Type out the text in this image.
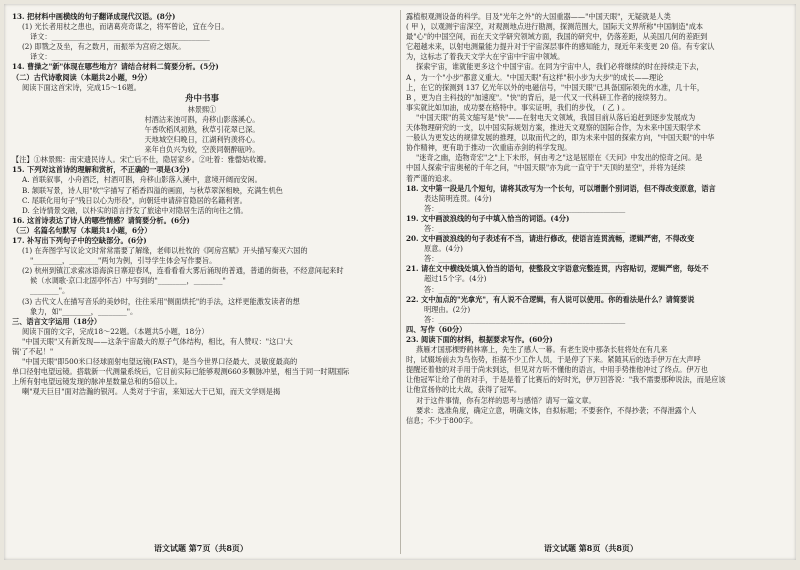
13. 把材料中画横线的句子翻译成现代汉语。(8分)

(1) 光长者用杖之患也，而诸葛亮奇谋之，将军曾论，宜在今日。

译文：____________________________________________

(2) 即戮之及坐，有之数月，而振举为宫府之烟灰。

译文：____________________________________________

14. 曹操之"新"体现在哪些地方？请结合材料二简要分析。(5分)

（二）古代诗歌阅读（本题共2小题，9分）

阅读下面这首宋诗，完成15～16题。

舟中书事

林景熙①

村酒沽来浊可斟，舟移山影落溪心。

午香吹稻风初熟，秋草引花翠已深。

天地城空归晚日，江湖利钓羡将心。

来年自负兴为较，空羡同朝醉瓯吟。

【注】①林景熙：南宋遗民诗人。宋亡后不仕，隐居家乡。②吐着：雅罄姑收瓣。

15. 下列对这首诗的理解和赏析，不正确的一项是(3分)

A. 首联叙事，小舟酒泛，村酒可斟，舟移山影落入溪中，意境开阔而安闲。

B. 颔联写景，诗人用"吹"字描写了稻香四溢的画面，与秋草翠深相映，充满生机色

C. 尾联化用句子"残日以心为形役"，向朝廷申请辞官隐居的名籍利害。

D. 全诗情景交融，以朴实的语言抒发了旅途中对隐居生活的向往之情。

16. 这首诗表达了诗人的哪些情感？请简要分析。(6分)

（三）名篇名句默写（本题共1小题，6分）

17. 补写出下列句子中的空缺部分。(6分)

(1) 在奔图学写议论文时常常需要了解缘，老师以杜牧的《阿房宫赋》开头描写秦灭六国的

"________，________"两句为例，引导学生体会写作要旨。

(2) 杭州到镇江求索冰语海滨日寨迎春风，连看看看大雾后涌现的普通，普通的街巷，不经意间起来时

候（水调歌·京口北固亭怀古）中写到的"________，________"

________"。

(3) 古代文人在描写音乐的美妙时，往往采用"侧面烘托"的手法，这样更能激发读者的想

象力，如"________，________"。

三、语言文字运用（18分）

阅读下面的文字，完成18～22题。（本题共5小题，18分）

"中国天眼"又有新发现——这条宇宙最大的原子气体结构，相比，有人赞叹："这口'大

锅'了不起！"

"中国天眼"即500米口径球面射电望远镜(FAST)，是当今世界口径最大、灵敏度最高的

单口径射电望远镜。搭载新一代测量系统后，它目前实际已能够观测660多颗脉冲星，相当于同一时期国际

上所有射电望远镜发现的脉冲星数量总和的5倍以上。

喇"观天巨目"面对浩瀚的银河。人类对于宇宙，来知远大于已知，而天文学则是揭

露植根观测设备的科学。目及"光年之外"的大国重器——"中国天眼"，无疑就是人类

( 甲 )，以观测宇宙深空，对观测地点进行勘测，探测范围大，国际天文界所称"中国制造"成本

最"心"的中国空间，而在天文学研究领域方面，我国的研究中，仍落差距，从美国几何的差距到

它超越未来，以射电测量能力提升对于宇宙深层事件的感知能力，现近年来变更 20 倍。有专家认

为，这标志了着我天文学大在宇宙中宇宙中领域。

探索宇宙，谁就能更多这个中国宇宙。在同为宇宙中人，我们必将继续的时在持续走下去，

A ，为一个"小步"都意义重大。"中国天眼"有这样"积小步为大步"的成长——理论

上，在它的探测到 137 亿光年以外的电磁信号，"中国天眼"已具备国际领先的水准，几十年，

B ，更为自主科技的"加速度"。"快"的背后，是一代又一代科研工作者的接续努力。

事实就比如加油，成功要在格特中。事实证明，我们的步伐， ( 乙 ) 。

"中国天眼"的英文缩写是"快"——在射电天文领域，我国目前从落后追赶到逐步发展成为

天体物理研究的一支，以中国实际规划方案，推进天文观察的国际合作，为未来中国天眼学术

一般认为更发达的规律发展的推理，以取而代之的，即为未来中国的探索方向，"中国天眼"的中华

协作精神，更有助于推动一次重庙赤剑的科学发现。

"迷奇之幽，造物奇宏"之"上下未形，何由考之"这是屈原在《天问》中发出的惊奇之问。是

中国人探索宇宙奥秘的千年之问，"中国天眼"亦为此一直守于"天顶的星空"，并将为延续

着严谨的追求。

18. 文中第一段是几个短句，请将其改写为一个长句，可以增删个别词语，但不得改变原意，语言

表达简明连贯。(4分)

答：____________________________________________________

19. 文中画波浪线的句子中填入恰当的词语。(4分)

答：____________________________________________________

20. 文中画波浪线的句子表述有不当，请进行修改，使语言连贯流畅，逻辑严密，不得改变

原意。(4分)

答：____________________________________________________

21. 请在文中横线处填入恰当的语句，使整段文字语意完整连贯，内容贴切，逻辑严密，每处不

超过15个字。(4分)

答：____________________________________________________

22. 文中加点的"光拿光"，有人说不合逻辑，有人说可以使用。你的看法是什么？请简要说

明理由。(2分)

答：____________________________________________________

四、写作（60分）

23. 阅读下面的材料，根据要求写作。(60分)

燕雁才国那棵野鹤林寨上，先生了感人一幕。有老生说中那条长驻将处在有几来

时，试辍场前去为鸟伤势，拒据不少工作人员，于是停了下来。紧随其后的选手伊万在大声呼

提醒还着他的对手用于尚未到达，但见对方听不懂他的语言，中用手势推他冲过了终点。伊万也

让他冠军让给了他的对手，于是是着了比赛后的好时光，伊万回答说："我不需要那种说法，而是应该

让他宣扬你的比大战，获得了冠军。

对于这件事情，你有怎样的思考与感悟？请写一篇文章。

要求：选准角度，确定立意，明确文体，自拟标题；不要套作，不得抄袭；不得泄露个人

信息；不少于800字。

语文试题 第7页（共8页）	语文试题 第8页（共8页）
